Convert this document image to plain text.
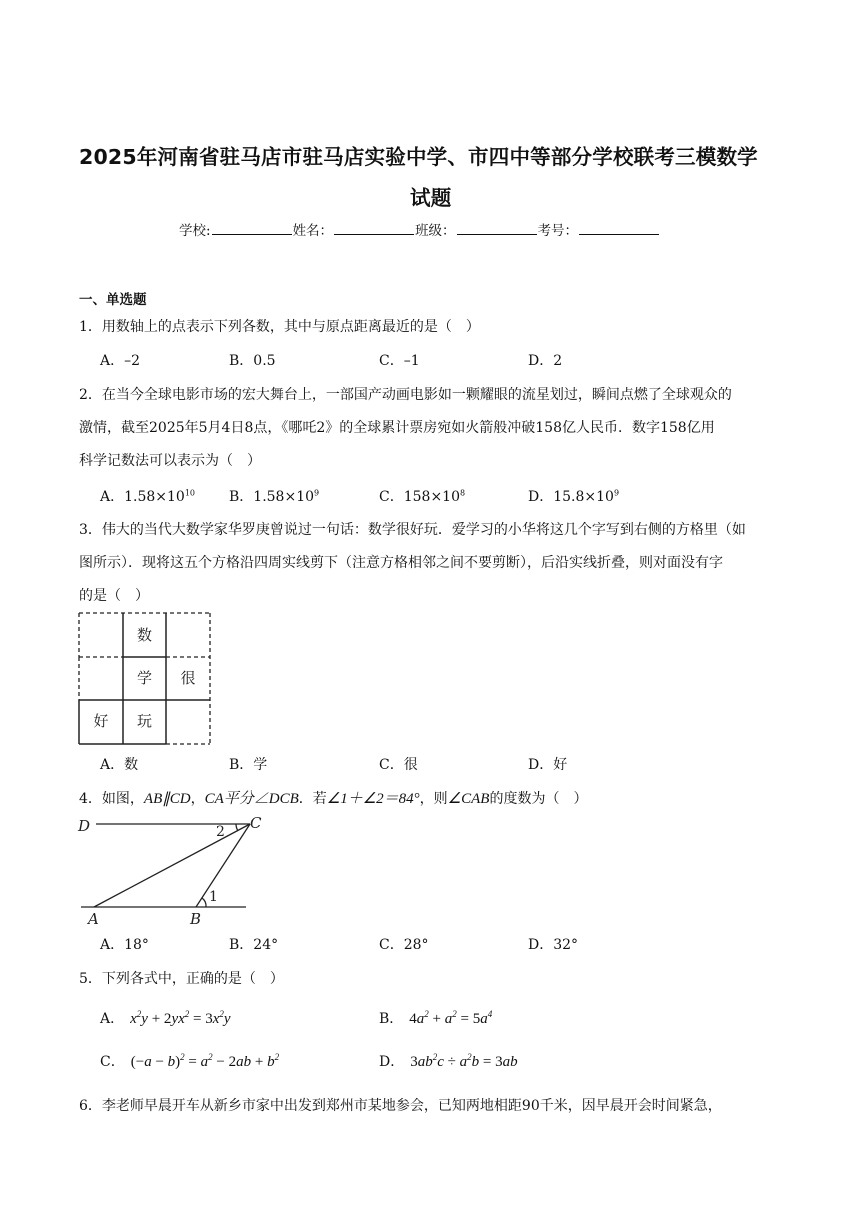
2025年河南省驻马店市驻马店实验中学、市四中等部分学校联考三模数学
试题
学校:	姓名：	班级：	考号：
一、单选题
1．用数轴上的点表示下列各数，其中与原点距离最近的是（　）
A．–2	B．0.5	C．–1	D．2
2．在当今全球电影市场的宏大舞台上，一部国产动画电影如一颗耀眼的流星划过，瞬间点燃了全球观众的
激情，截至2025年5月4日8点，《哪吒2》的全球累计票房宛如火箭般冲破158亿人民币．数字158亿用
科学记数法可以表示为（　）
A．$1.58\times 10^{10}$ B．$1.58\times 10^9$	C．$158\times 10^8$	D．$15.8\times 10^9$
3．伟大的当代大数学家华罗庚曾说过一句话：数学很好玩．爱学习的小华将这几个字写到右侧的方格里（如
图所示）．现将这五个方格沿四周实线剪下（注意方格相邻之间不要剪断），后沿实线折叠，则对面没有字
的是（　）
数
学 很
好 玩
A．数	B．学	C．很	D．好
4．如图，AB∥CD，CA平分∠DCB．若∠1＋∠2＝84°，则∠CAB的度数为（　）
D	C
A	B
1
2
A．18°	B．24°	C．28°	D．32°
5．下列各式中，正确的是（　）
A． $x^2y + 2yx^2 = 3x^2y$	B． $4a^2 + a^2 = 5a^4$
C． $(-a - b)^2 = a^2 - 2ab + b^2$	D． $3ab^2c \div a^2b = 3ab$
6．李老师早晨开车从新乡市家中出发到郑州市某地参会，已知两地相距90千米，因早晨开会时间紧急，
